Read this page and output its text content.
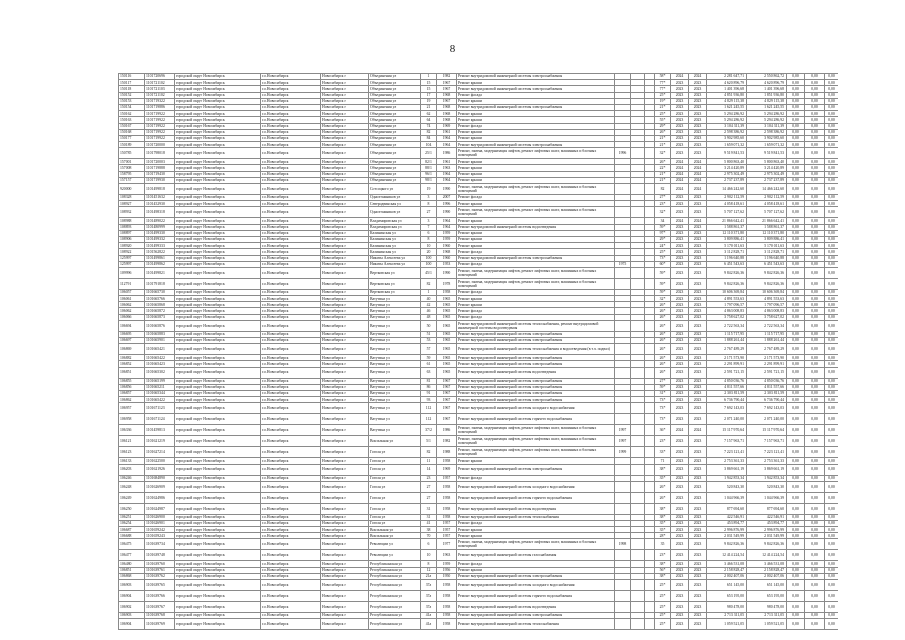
8
150116	1101720696	городской округ Новосибирск	г.о.Новосибирск	Новосибирск г	Объединения ул	1	1982	Ремонт внутридомовой инженерной системы электроснабжения				58*	2024	2024	2 281 647,71	2 550 862,72	0,00	0,00	0,00
150117	1101721102	городской округ Новосибирск	г.о.Новосибирск	Новосибирск г	Объединения ул	15	1967	Ремонт крыши				77*	2023	2023	4 620 896,79	4 620 896,79	0,00	0,00	0,00
150118	1101721103	городской округ Новосибирск	г.о.Новосибирск	Новосибирск г	Объединения ул	15	1967	Ремонт внутридомовой инженерной системы электроснабжения				77*	2023	2023	1 401 396,68	1 401 396,68	0,00	0,00	0,00
150152	1101721102	городской округ Новосибирск	г.о.Новосибирск	Новосибирск г	Объединения ул	17	1968	Ремонт фасада				25*	2023	2023	4 851 936,80	1 851 936,80	0,00	0,00	0,00
150153	1101719322	городской округ Новосибирск	г.о.Новосибирск	Новосибирск г	Объединения ул	19	1967	Ремонт крыши				19*	2023	2023	4 829 115,38	4 829 115,38	0,00	0,00	0,00
150154	1101719886	городской округ Новосибирск	г.о.Новосибирск	Новосибирск г	Объединения ул	21	1968	Ремонт внутридомовой инженерной системы электроснабжения				21*	2023	2023	1 621 245,55	1 621 245,55	0,00	0,00	0,00
150162	1101719922	городской округ Новосибирск	г.о.Новосибирск	Новосибирск г	Объединения ул	62	1968	Ремонт крыши				25*	2023	2023	5 294 286,92	5 294 286,92	0,00	0,00	0,00
150163	1101719922	городской округ Новосибирск	г.о.Новосибирск	Новосибирск г	Объединения ул	64	1968	Ремонт крыши				55*	2023	2023	5 294 286,92	5 294 286,92	0,00	0,00	0,00
150167	1101719922	городской округ Новосибирск	г.о.Новосибирск	Новосибирск г	Объединения ул	74	1969	Ремонт фасада				29*	2023	2023	3 104 311,39	3 104 311,39	0,00	0,00	0,00
150168	1101719922	городской округ Новосибирск	г.о.Новосибирск	Новосибирск г	Объединения ул	82	1961	Ремонт крыши				26*	2023	2023	2 598 386,92	2 598 386,92	0,00	0,00	0,00
150177	1101719922	городской округ Новосибирск	г.о.Новосибирск	Новосибирск г	Объединения ул	84	1964	Ремонт крыши				21*	2023	2023	3 902 985,60	3 902 985,60	0,00	0,00	0,00
150189	1101720000	городской округ Новосибирск	г.о.Новосибирск	Новосибирск г	Объединения ул	104	1964	Ремонт внутридомовой инженерной системы электроснабжения				21*	2023	2023	1 659 071,32	1 659 071,32	0,00	0,00	0,00
150785	1101798018	городской округ Новосибирск	г.о.Новосибирск	Новосибирск г	Объединения ул	25/1	1986	Ремонт, замена, модернизация лифтов, ремонт лифтовых шахт, машинных и блочных помещений	1996			32*	2023	2023	9 519 841,53	9 519 841,53	0,00	0,00	0,00
157001	1101720003	городской округ Новосибирск	г.о.Новосибирск	Новосибирск г	Объединения ул	82/1	1961	Ремонт крыши				26*	2024	2024	5 800 863,40	5 800 863,40	0,00	0,00	0,00
157008	1101719888	городской округ Новосибирск	г.о.Новосибирск	Новосибирск г	Объединения ул	88/1	1963	Ремонт крыши				22*	2024	2024	3 214 420,89	3 214 420,89	0,00	0,00	0,00
158795	1101719430	городской округ Новосибирск	г.о.Новосибирск	Новосибирск г	Объединения ул	96/1	1964	Ремонт крыши				21*	2024	2024	2 975 302,49	2 975 302,49	0,00	0,00	0,00
157157	1101719930	городской округ Новосибирск	г.о.Новосибирск	Новосибирск г	Объединения ул	98/1	1964	Ремонт крыши				21*	2024	2024	2 737 237,89	2 737 237,89	0,00	0,00	0,00
920000	1101499818	городской округ Новосибирск	г.о.Новосибирск	Новосибирск г	Сотсоцкого ул	19	1990	Ремонт, замена, модернизация лифтов, ремонт лифтовых шахт, машинных и блочных помещений				82	2024	2024	14 466 242,60	14 466 242,60	0,00	0,00	0,00
108328	1101451632	городской округ Новосибирск	г.о.Новосибирск	Новосибирск г	Одноэтажников ул	3	2007	Ремонт фасада				27*	2023	2023	2 902 112,59	2 902 112,59	0,00	0,00	0,00
108927	1101452930	городской округ Новосибирск	г.о.Новосибирск	Новосибирск г	Северодвинская ул	8	1996	Ремонт крыши				23*	2023	2023	4 058 418,61	4 058 418,61	0,00	0,00	0,00
108932	1101498318	городской округ Новосибирск	г.о.Новосибирск	Новосибирск г	Одноэтажников ул	27	1990	Ремонт, замена, модернизация лифтов, ремонт лифтовых шахт, машинных и блочных помещений				32*	2023	2023	5 707 127,62	5 707 127,62	0,00	0,00	0,00
108988	1101489022	городской округ Новосибирск	г.о.Новосибирск	Новосибирск г	Владимировская ул	3	1964	Ремонт крыши				34	2024	2024	21 866 642,41	21 866 642,41	0,00	0,00	0,00
108893	1101480999	городской округ Новосибирск	г.о.Новосибирск	Новосибирск г	Владимировская ул	7	1964	Ремонт внутридомовой инженерной системы водоотведения				59*	2023	2023	1 588 861,37	1 588 861,37	0,00	0,00	0,00
108897	1101499330	городской округ Новосибирск	г.о.Новосибирск	Новосибирск г	Калининская ул	6	1959	Ремонт крыши				97*	2023	2023	12 110 371,80	12 110 371,80	0,00	0,00	0,00
108906	1101499332	городской округ Новосибирск	г.о.Новосибирск	Новосибирск г	Калининская ул	8	1959	Ремонт крыши				29*	2023	2023	3 809 886,41	3 809 886,41	0,00	0,00	0,00
108920	1101499333	городской округ Новосибирск	г.о.Новосибирск	Новосибирск г	Калининская ул	10	1960	Ремонт крыши				24*	2023	2023	5 170 011,63	5 170 011,63	0,00	0,00	0,00
108922	1101562822	городской округ Новосибирск	г.о.Новосибирск	Новосибирск г	Калининская ул	20	1968	Ремонт фасада				25*	2023	2023	3 112 828,71	3 112 828,71	0,00	0,00	0,00
125997	1101499861	городской округ Новосибирск	г.о.Новосибирск	Новосибирск г	Никиты Алексеева ул	100	1960	Ремонт внутридомовой инженерной системы электроснабжения				73*	2023	2023	1 196 640,88	1 196 640,88	0,00	0,00	0,00
125997	1101499862	городской округ Новосибирск	г.о.Новосибирск	Новосибирск г	Никиты Алексеева ул	100	1953	Ремонт фасада	1975			60*	2023	2023	6 451 543,63	6 451 543,63	0,00	0,00	0,00
109996	1101499821	городской округ Новосибирск	г.о.Новосибирск	Новосибирск г	Вертковская ул	45/1	1990	Ремонт, замена, модернизация лифтов, ремонт лифтовых шахт, машинных и блочных помещений				59*	2023	2023	9 842 826,36	9 842 826,36	0,00	0,00	0,00
112791	1101791818	городской округ Новосибирск	г.о.Новосибирск	Новосибирск г	Вертковская ул	82	1978	Ремонт, замена, модернизация лифтов, ремонт лифтовых шахт, машинных и блочных помещений				59*	2023	2023	9 842 826,36	9 842 826,36	0,00	0,00	0,00
106057	1101665730	городской округ Новосибирск	г.о.Новосибирск	Новосибирск г	Вертковская ул	1	1958	Ремонт фасада				59*	2023	2023	10 606 369,84	10 606 369,84	0,00	0,00	0,00
106061	1101665766	городской округ Новосибирск	г.о.Новосибирск	Новосибирск г	Ватутина ул	40	1965	Ремонт крыши				32*	2023	2023	4 891 553,63	4 891 553,63	0,00	0,00	0,00
106062	1101665868	городской округ Новосибирск	г.о.Новосибирск	Новосибирск г	Ватутина ул	42	1965	Ремонт крыши				26*	2023	2023	1 797 096,57	1 797 096,57	0,00	0,00	0,00
106062	1101665872	городской округ Новосибирск	г.о.Новосибирск	Новосибирск г	Ватутина ул	46	1965	Ремонт фасада				26*	2023	2023	4 863 008,83	4 863 008,83	0,00	0,00	0,00
106066	1101665873	городской округ Новосибирск	г.о.Новосибирск	Новосибирск г	Ватутина ул	48	1965	Ремонт фасада				26*	2023	2023	3 758 627,02	3 758 627,02	0,00	0,00	0,00
106694	1101665876	городской округ Новосибирск	г.о.Новосибирск	Новосибирск г	Ватутина ул	50	1965	Ремонт внутридомовой инженерной системы теплоснабжения, ремонт внутридомовой инженерной системы водоотведения				26*	2023	2023	2 722 563,34	2 722 563,34	0,00	0,00	0,00
106695	1101665883	городской округ Новосибирск	г.о.Новосибирск	Новосибирск г	Ватутина ул	51	1965	Ремонт внутридомовой инженерной системы электроснабжения				26*	2023	2023	1 115 717,95	1 115 717,95	0,00	0,00	0,00
106697	1101665901	городской округ Новосибирск	г.о.Новосибирск	Новосибирск г	Ватутина ул	53	1965	Ремонт внутридомовой инженерной системы электроснабжения				26*	2023	2023	1 888 261,44	1 888 261,44	0,00	0,00	0,00
106869	1101665421	городской округ Новосибирск	г.о.Новосибирск	Новосибирск г	Ватутина ул	57	1965	Ремонт внутридомовой инженерной системы теплоснабжения и водоотведения (в т.ч. подвал)				26*	2023	2023	2 767 489,29	2 767 489,29	0,00	0,00	0,00
106882	1101665422	городской округ Новосибирск	г.о.Новосибирск	Новосибирск г	Ватутина ул	59	1965	Ремонт внутридомовой инженерной системы электроснабжения				26*	2023	2023	2 171 573,90	2 171 573,90	0,00	0,00	0,00
106852	1101665423	городской округ Новосибирск	г.о.Новосибирск	Новосибирск г	Ватутина ул	61	1965	Ремонт внутридомовой инженерной системы электроснабжения				26*	2023	2023	2 291 899,91	2 291 899,91	0,00	0,00	0,00
106851	1101665302	городской округ Новосибирск	г.о.Новосибирск	Новосибирск г	Ватутина ул	63	1965	Ремонт внутридомовой инженерной системы водоотведения				26*	2023	2023	2 591 721,15	2 591 721,15	0,00	0,00	0,00
106855	1101665199	городской округ Новосибирск	г.о.Новосибирск	Новосибирск г	Ватутина ул	81	1967	Ремонт внутридомовой инженерной системы электроснабжения				27*	2023	2023	4 850 036,76	4 850 036,76	0,00	0,00	0,00
106856	1101665211	городской округ Новосибирск	г.о.Новосибирск	Новосибирск г	Ватутина ул	86	1967	Ремонт внутридомовой инженерной системы электроснабжения				59*	2023	2023	4 811 557,66	4 811 557,66	0,00	0,00	0,00
106857	1101665344	городской округ Новосибирск	г.о.Новосибирск	Новосибирск г	Ватутина ул	91	1967	Ремонт внутридомовой инженерной системы электроснабжения				31*	2023	2023	2 303 811,59	2 303 811,59	0,00	0,00	0,00
106862	1101665422	городской округ Новосибирск	г.о.Новосибирск	Новосибирск г	Ватутина ул	93	1967	Ремонт внутридомовой инженерной системы электроснабжения				73*	2023	2023	6 736 790,44	6 736 790,44	0,00	0,00	0,00
106957	1101671123	городской округ Новосибирск	г.о.Новосибирск	Новосибирск г	Ватутина ул	112	1967	Ремонт внутридомовой инженерной системы холодного водоснабжения				73*	2023	2023	7 692 143,03	7 692 143,03	0,00	0,00	0,00
106958	1101671124	городской округ Новосибирск	г.о.Новосибирск	Новосибирск г	Ватутина ул	112	1967	Ремонт внутридомовой инженерной системы горячего водоснабжения				73*	2023	2023	2 071 240,00	2 071 240,00	0,00	0,00	0,00
106336	1101459813	городской округ Новосибирск	г.о.Новосибирск	Новосибирск г	Ватутина ул	37/2	1986	Ремонт, замена, модернизация лифтов, ремонт лифтовых шахт, машинных и блочных помещений	1997			36*	2024	2024	15 117 970,64	15 117 970,64	0,00	0,00	0,00
106121	1101621219	городской округ Новосибирск	г.о.Новосибирск	Новосибирск г	Вокзальная ул	5/1	1982	Ремонт, замена, модернизация лифтов, ремонт лифтовых шахт, машинных и блочных помещений	1997			23*	2023	2023	7 157 963,71	7 157 963,71	0,00	0,00	0,00
106123	1101627214	городской округ Новосибирск	г.о.Новосибирск	Новосибирск г	Гоголя ул	82	1988	Ремонт, замена, модернизация лифтов, ремонт лифтовых шахт, машинных и блочных помещений	1999			33*	2023	2023	7 223 121,41	7 223 121,41	0,00	0,00	0,00
106133	1101622500	городской округ Новосибирск	г.о.Новосибирск	Новосибирск г	Гоголя ул	11	1958	Ремонт крыши				71	2023	2023	2 753 361,33	2 753 361,33	0,00	0,00	0,00
106203	1101621926	городской округ Новосибирск	г.о.Новосибирск	Новосибирск г	Гоголя ул	14	1969	Ремонт внутридомовой инженерной системы электроснабжения				38*	2023	2023	3 869 661,19	3 869 661,19	0,00	0,00	0,00
106246	1101684890	городской округ Новосибирск	г.о.Новосибирск	Новосибирск г	Гоголя ул	23	1957	Ремонт фасада				35*	2023	2023	1 942 853,34	1 942 853,34	0,00	0,00	0,00
106248	1101626909	городской округ Новосибирск	г.о.Новосибирск	Новосибирск г	Гоголя ул	27	1958	Ремонт внутридомовой инженерной системы холодного водоснабжения				26*	2023	2023	520 843,30	520 843,30	0,00	0,00	0,00
106249	1101624986	городской округ Новосибирск	г.о.Новосибирск	Новосибирск г	Гоголя ул	27	1958	Ремонт внутридомовой инженерной системы горячего водоснабжения				26*	2023	2023	1 044 966,39	1 044 966,39	0,00	0,00	0,00
106250	1101624987	городской округ Новосибирск	г.о.Новосибирск	Новосибирск г	Гоголя ул	31	1958	Ремонт внутридомовой инженерной системы водоотведения				38*	2023	2023	877 694,60	877 694,60	0,00	0,00	0,00
106251	1101626900	городской округ Новосибирск	г.о.Новосибирск	Новосибирск г	Гоголя ул	31	1958	Ремонт внутридомовой инженерной системы теплоснабжения				38*	2023	2023	422 546,91	422 546,91	0,00	0,00	0,00
106254	1101626901	городской округ Новосибирск	г.о.Новосибирск	Новосибирск г	Гоголя ул	41	1957	Ремонт фасада				35*	2023	2023	453 894,77	453 894,77	0,00	0,00	0,00
106687	1101659242	городской округ Новосибирск	г.о.Новосибирск	Новосибирск г	Вокзальная ул	38	1957	Ремонт крыши				35*	2023	2023	2 996 876,99	2 996 876,99	0,00	0,00	0,00
106688	1101659243	городской округ Новосибирск	г.о.Новосибирск	Новосибирск г	Вокзальная ул	70	1957	Ремонт крыши				28*	2023	2023	2 031 549,99	2 031 549,99	0,00	0,00	0,00
106475	1101639734	городской округ Новосибирск	г.о.Новосибирск	Новосибирск г	Революции ул	6	1977	Ремонт, замена, модернизация лифтов, ремонт лифтовых шахт, машинных и блочных помещений	1998			35	2023	2023	9 842 826,36	9 842 826,36	0,00	0,00	0,00
106477	1101639748	городской округ Новосибирск	г.о.Новосибирск	Новосибирск г	Революции ул	10	1963	Ремонт внутридомовой инженерной системы газоснабжения				23*	2023	2023	12 414 224,54	12 414 224,54	0,00	0,00	0,00
106480	1101639760	городской округ Новосибирск	г.о.Новосибирск	Новосибирск г	Республиканская ул	8	1959	Ремонт фасада				38*	2023	2023	3 466 531,08	3 466 531,08	0,00	0,00	0,00
106851	1101639761	городской округ Новосибирск	г.о.Новосибирск	Новосибирск г	Республиканская ул	12	1956	Ремонт крыши				56*	2023	2023	2 158 828,47	2 158 828,47	0,00	0,00	0,00
106868	1101639762	городской округ Новосибирск	г.о.Новосибирск	Новосибирск г	Республиканская ул	21a	1950	Ремонт внутридомовой инженерной системы электроснабжения				38*	2023	2023	2 002 407,06	2 002 407,06	0,00	0,00	0,00
106903	1101639765	городской округ Новосибирск	г.о.Новосибирск	Новосибирск г	Республиканская ул	37a	1958	Ремонт внутридомовой инженерной системы холодного водоснабжения				25*	2023	2023	651 145,00	651 145,00	0,00	0,00	0,00
106904	1101639766	городской округ Новосибирск	г.о.Новосибирск	Новосибирск г	Республиканская ул	37a	1958	Ремонт внутридомовой инженерной системы горячего водоснабжения				25*	2023	2023	653 195,00	653 195,00	0,00	0,00	0,00
106902	1101639767	городской округ Новосибирск	г.о.Новосибирск	Новосибирск г	Республиканская ул	37a	1958	Ремонт внутридомовой инженерной системы водоотведения				25*	2023	2023	980 478,00	980 478,00	0,00	0,00	0,00
106903	1101639768	городской округ Новосибирск	г.о.Новосибирск	Новосибирск г	Республиканская ул	41a	1958	Ремонт внутридомовой инженерной системы электроснабжения				25*	2023	2023	2 713 311,05	2 713 311,05	0,00	0,00	0,00
106904	1101639769	городской округ Новосибирск	г.о.Новосибирск	Новосибирск г	Республиканская ул	41a	1958	Ремонт внутридомовой инженерной системы теплоснабжения				25*	2023	2023	1 059 521,05	1 059 521,05	0,00	0,00	0,00
